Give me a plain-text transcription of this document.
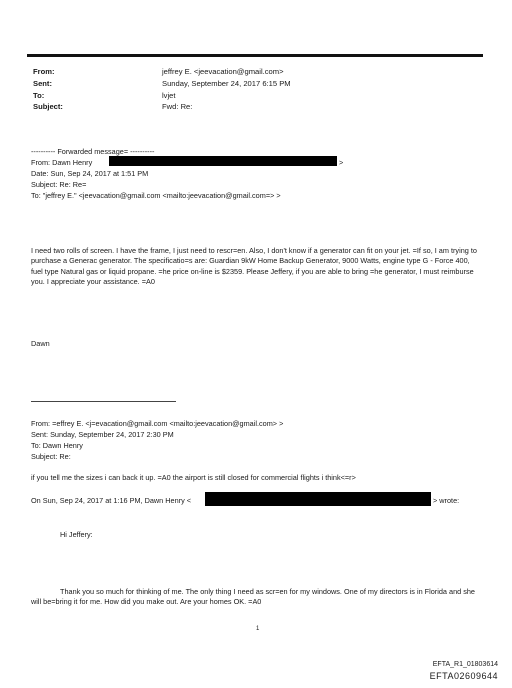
From:	jeffrey E. <jeevacation@gmail.com>
Sent:	Sunday, September 24, 2017 6:15 PM
To:	lvjet
Subject:	Fwd: Re:
---------- Forwarded message= ----------
From: Dawn Henry	>
Date: Sun, Sep 24, 2017 at 1:51 PM
Subject: Re: Re=
To: "jeffrey E." <jeevacation@gmail.com <mailto:jeevacation@gmail.com=> >
I need two rolls of screen. I have the frame, I just need to rescr=en. Also, I don't know if a generator can fit on your jet. =If so, I am trying to purchase a Generac generator. The specificatio=s are: Guardian 9kW Home Backup Generator, 9000 Watts, engine type G - Force 400, fuel type Natural gas or liquid propane. =he price on-line is $2359. Please Jeffery, if you are able to bring =he generator, I must reimburse you. I appreciate your assistance. =A0
Dawn
From: =effrey E. <j=evacation@gmail.com <mailto:jeevacation@gmail.com> >
Sent: Sunday, September 24, 2017 2:30 PM
To: Dawn Henry
Subject: Re:
if you tell me the sizes i can back it up. =A0 the airport is still closed for commercial flights i think<=r>
On Sun, Sep 24, 2017 at 1:16 PM, Dawn Henry <	> wrote:
Hi Jeffery:
Thank you so much for thinking of me. The only thing I need as scr=en for my windows. One of my directors is in Florida and she will be=bring it for me. How did you make out. Are your homes OK. =A0
1
EFTA_R1_01803614
EFTA02609644
